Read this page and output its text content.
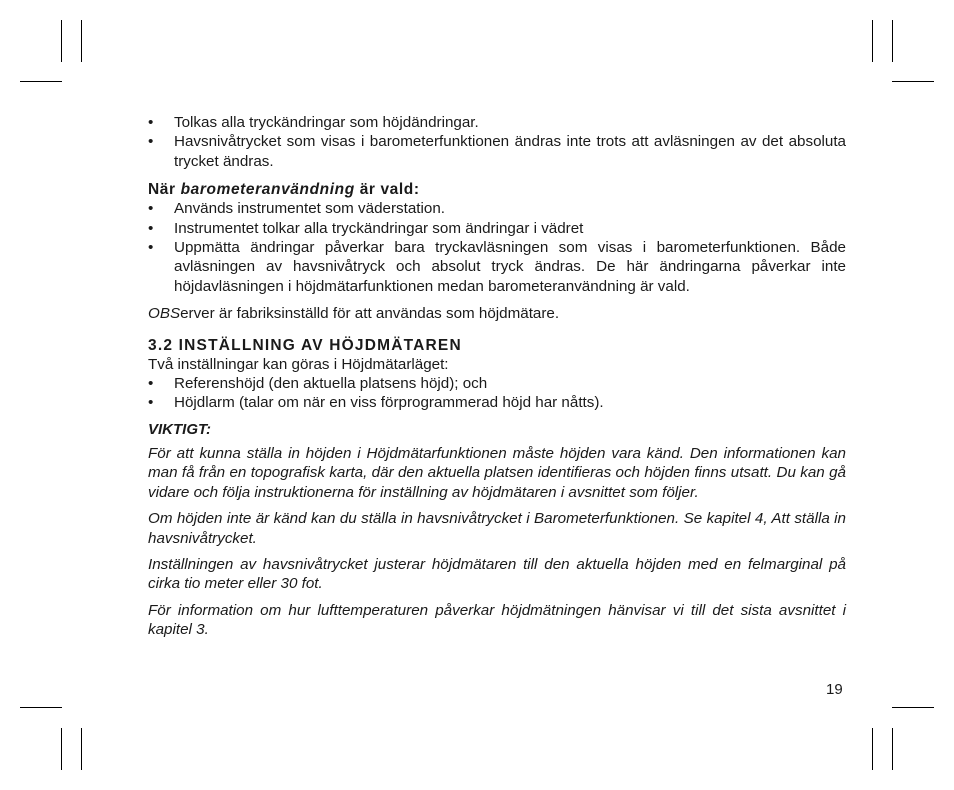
• Tolkas alla tryckändringar som höjdändringar.
• Havsnivåtrycket som visas i barometerfunktionen ändras inte trots att avläsningen av det absoluta trycket ändras.
När barometeranvändning är vald:
• Används instrumentet som väderstation.
• Instrumentet tolkar alla tryckändringar som ändringar i vädret
• Uppmätta ändringar påverkar bara tryckavläsningen som visas i barometerfunktionen. Både avläsningen av havsnivåtryck och absolut tryck ändras. De här ändringarna påverkar inte höjdavläsningen i höjdmätarfunktionen medan barometeranvändning är vald.
OBServer är fabriksinställd för att användas som höjdmätare.
3.2 INSTÄLLNING AV HÖJDMÄTAREN
Två inställningar kan göras i Höjdmätarläget:
• Referenshöjd (den aktuella platsens höjd); och
• Höjdlarm (talar om när en viss förprogrammerad höjd har nåtts).
VIKTIGT:
För att kunna ställa in höjden i Höjdmätarfunktionen måste höjden vara känd. Den informationen kan man få från en topografisk karta, där den aktuella platsen identifieras och höjden finns utsatt. Du kan gå vidare och följa instruktionerna för inställning av höjdmätaren i avsnittet som följer.
Om höjden inte är känd kan du ställa in havsnivåtrycket i Barometerfunktionen. Se kapitel 4, Att ställa in havsnivåtrycket.
Inställningen av havsnivåtrycket justerar höjdmätaren till den aktuella höjden med en felmarginal på cirka tio meter eller 30 fot.
För information om hur lufttemperaturen påverkar höjdmätningen hänvisar vi till det sista avsnittet i kapitel 3.
19
